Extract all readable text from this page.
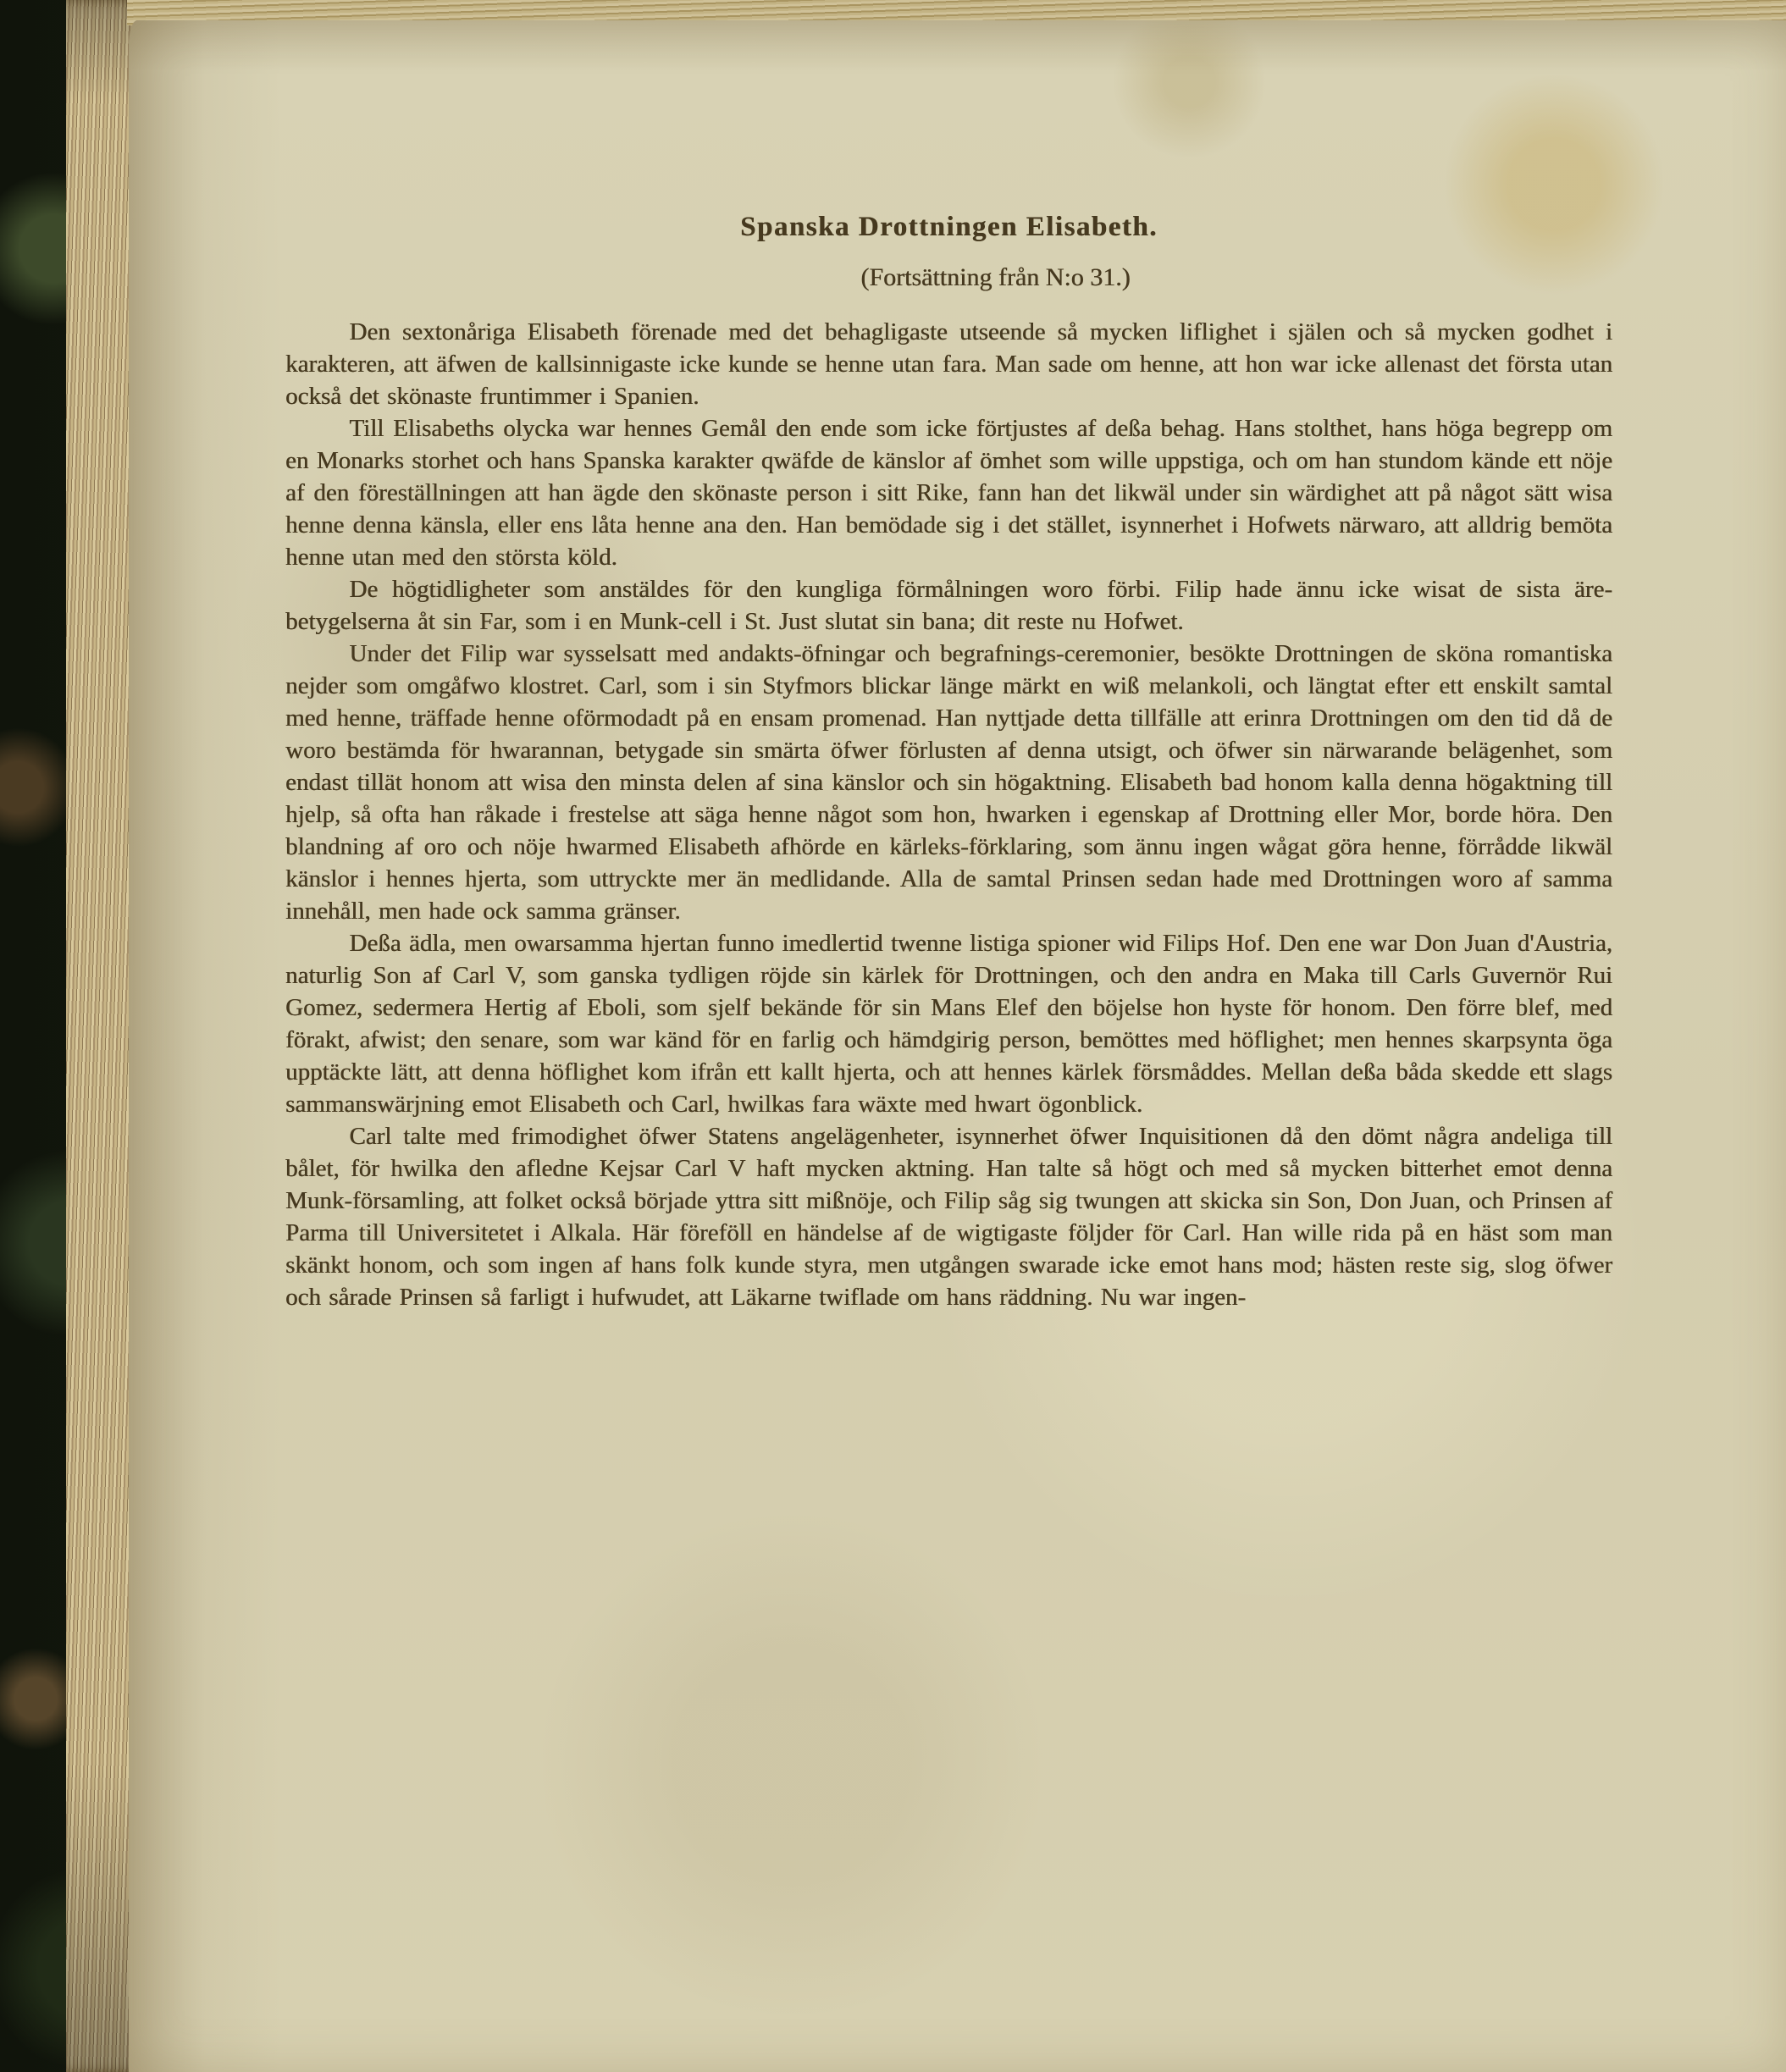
Spanska Drottningen Elisabeth.
(Fortsättning från N:o 31.)

Den sextonåriga Elisabeth förenade med det behagligaste utseende så mycken liflighet i själen och så mycken godhet i karakteren, att äfwen de kallsinnigaste icke kunde se henne utan fara. Man sade om henne, att hon war icke allenast det första utan också det skönaste fruntimmer i Spanien.

Till Elisabeths olycka war hennes Gemål den ende som icke förtjustes af deßa behag. Hans stolthet, hans höga begrepp om en Monarks storhet och hans Spanska karakter qwäfde de känslor af ömhet som wille uppstiga, och om han stundom kände ett nöje af den föreställningen att han ägde den skönaste person i sitt Rike, fann han det likwäl under sin wärdighet att på något sätt wisa henne denna känsla, eller ens låta henne ana den. Han bemödade sig i det stället, isynnerhet i Hofwets närwaro, att alldrig bemöta henne utan med den största köld.

De högtidligheter som anstäldes för den kungliga förmålningen woro förbi. Filip hade ännu icke wisat de sista äre-betygelserna åt sin Far, som i en Munk-cell i St. Just slutat sin bana; dit reste nu Hofwet.

Under det Filip war sysselsatt med andakts-öfningar och begrafnings-ceremonier, besökte Drottningen de sköna romantiska nejder som omgåfwo klostret. Carl, som i sin Styfmors blickar länge märkt en wiß melankoli, och längtat efter ett enskilt samtal med henne, träffade henne oförmodadt på en ensam promenad. Han nyttjade detta tillfälle att erinra Drottningen om den tid då de woro bestämda för hwarannan, betygade sin smärta öfwer förlusten af denna utsigt, och öfwer sin närwarande belägenhet, som endast tillät honom att wisa den minsta delen af sina känslor och sin högaktning. Elisabeth bad honom kalla denna högaktning till hjelp, så ofta han råkade i frestelse att säga henne något som hon, hwarken i egenskap af Drottning eller Mor, borde höra. Den blandning af oro och nöje hwarmed Elisabeth afhörde en kärleks-förklaring, som ännu ingen wågat göra henne, förrådde likwäl känslor i hennes hjerta, som uttryckte mer än medlidande. Alla de samtal Prinsen sedan hade med Drottningen woro af samma innehåll, men hade ock samma gränser.

Deßa ädla, men owarsamma hjertan funno imedlertid twenne listiga spioner wid Filips Hof. Den ene war Don Juan d'Austria, naturlig Son af Carl V, som ganska tydligen röjde sin kärlek för Drottningen, och den andra en Maka till Carls Guvernör Rui Gomez, sedermera Hertig af Eboli, som sjelf bekände för sin Mans Elef den böjelse hon hyste för honom. Den förre blef, med förakt, afwist; den senare, som war känd för en farlig och hämdgirig person, bemöttes med höflighet; men hennes skarpsynta öga upptäckte lätt, att denna höflighet kom ifrån ett kallt hjerta, och att hennes kärlek försmåddes. Mellan deßa båda skedde ett slags sammanswärjning emot Elisabeth och Carl, hwilkas fara wäxte med hwart ögonblick.

Carl talte med frimodighet öfwer Statens angelägenheter, isynnerhet öfwer Inquisitionen då den dömt några andeliga till bålet, för hwilka den afledne Kejsar Carl V haft mycken aktning. Han talte så högt och med så mycken bitterhet emot denna Munk-församling, att folket också började yttra sitt mißnöje, och Filip såg sig twungen att skicka sin Son, Don Juan, och Prinsen af Parma till Universitetet i Alkala. Här föreföll en händelse af de wigtigaste följder för Carl. Han wille rida på en häst som man skänkt honom, och som ingen af hans folk kunde styra, men utgången swarade icke emot hans mod; hästen reste sig, slog öfwer och sårade Prinsen så farligt i hufwudet, att Läkarne twiflade om hans räddning. Nu war ingen-
